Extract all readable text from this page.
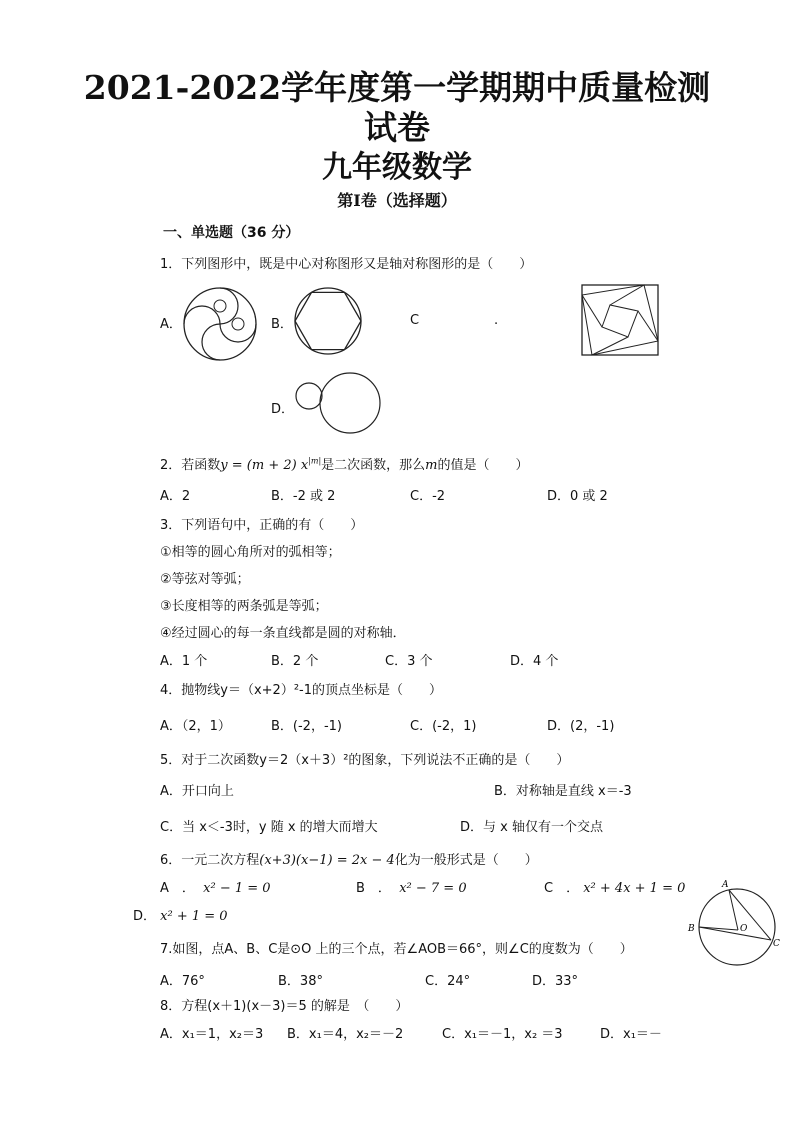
2021-2022学年度第一学期期中质量检测
试卷
九年级数学
第Ⅰ卷（选择题）
一、单选题（36 分）
1．下列图形中，既是中心对称图形又是轴对称图形的是（　　）
A．	B．	C	.
D．
2．若函数y = (m + 2) $x^{|m|}$是二次函数，那么m的值是（　　）
A．2	B．-2 或 2	C．-2	D．0 或 2
3．下列语句中，正确的有（　　）
①相等的圆心角所对的弧相等；
②等弦对等弧；
③长度相等的两条弧是等弧；
④经过圆心的每一条直线都是圆的对称轴．
A．1 个	B．2 个	C．3 个	D．4 个
4．抛物线y＝（x+2）²-1的顶点坐标是（　　）
A．（2，1）	B．(-2，-1)	C．(-2，1)	D．(2，-1)
5．对于二次函数y＝2（x＋3）²的图象，下列说法不正确的是（　　）
A．开口向上	B．对称轴是直线 x＝-3
C．当 x＜-3时，y 随 x 的增大而增大	D．与 x 轴仅有一个交点
6．一元二次方程(x+3)(x−1) = 2x − 4化为一般形式是（　　）
A　． x² − 1 = 0	B　． x² − 7 = 0	C　． x² + 4x + 1 = 0
D． x² + 1 = 0
A
B	O
C
7.如图，点A、B、C是⊙O 上的三个点，若∠AOB＝66°，则∠C的度数为（　　）
A．76°	B．38°	C．24°	D．33°
8．方程(x＋1)(x－3)＝5 的解是　（　　）
A．x₁＝1，x₂＝3 B．x₁＝4，x₂＝－2	C．x₁＝－1，x₂ ＝3	D．x₁＝－
